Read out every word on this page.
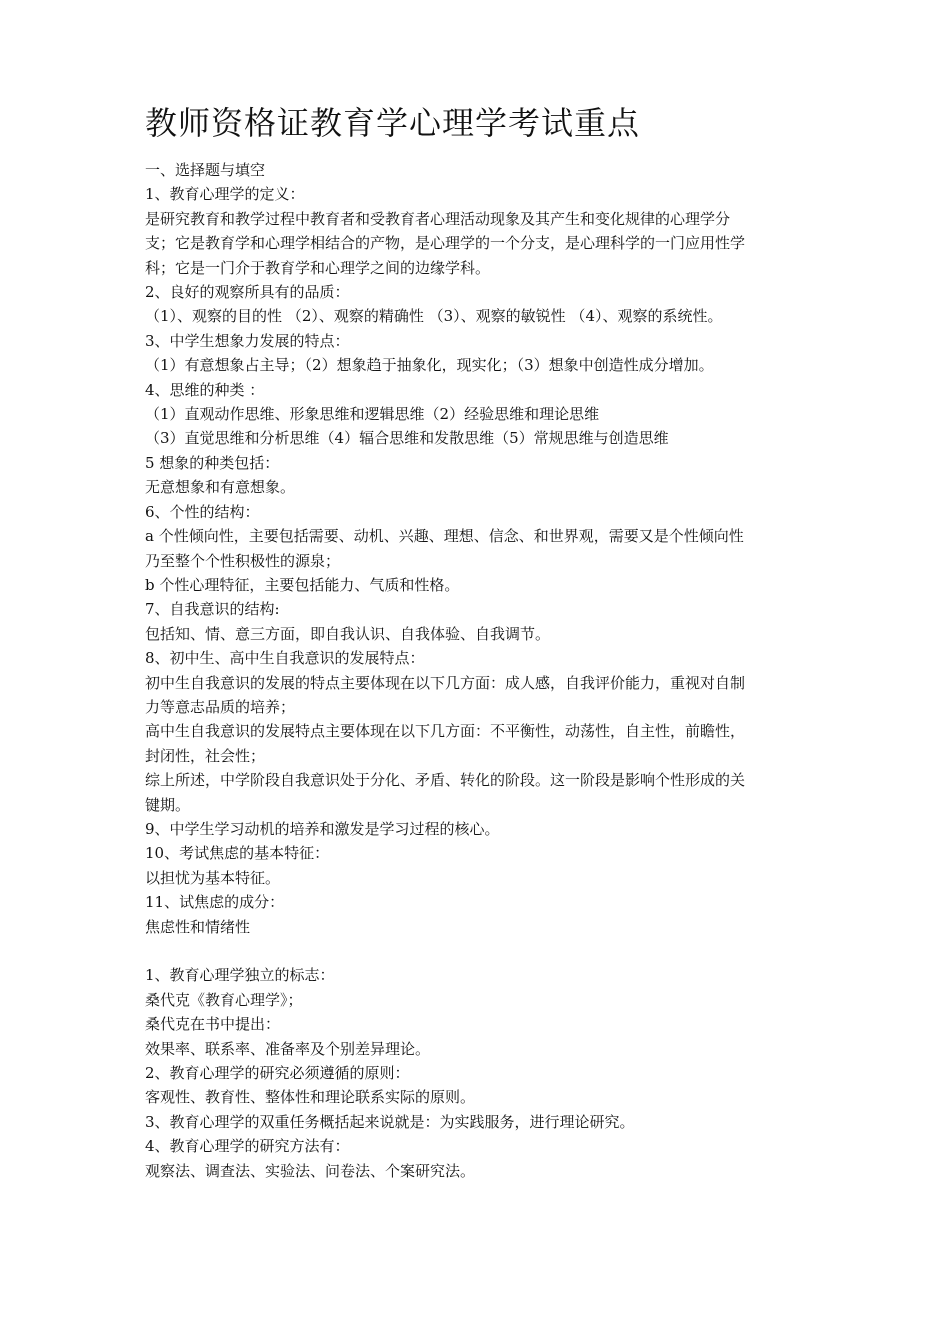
教师资格证教育学心理学考试重点
一、选择题与填空
1、教育心理学的定义：
是研究教育和教学过程中教育者和受教育者心理活动现象及其产生和变化规律的心理学分
支；它是教育学和心理学相结合的产物，是心理学的一个分支，是心理科学的一门应用性学
科；它是一门介于教育学和心理学之间的边缘学科。
2、良好的观察所具有的品质：
（1）、观察的目的性 （2）、观察的精确性 （3）、观察的敏锐性 （4）、观察的系统性。
3、中学生想象力发展的特点：
（1）有意想象占主导；（2）想象趋于抽象化，现实化；（3）想象中创造性成分增加。
4、思维的种类 ：
（1）直观动作思维、形象思维和逻辑思维（2）经验思维和理论思维
（3）直觉思维和分析思维（4）辐合思维和发散思维（5）常规思维与创造思维
5 想象的种类包括：
无意想象和有意想象。
6、个性的结构：
a 个性倾向性，主要包括需要、动机、兴趣、理想、信念、和世界观，需要又是个性倾向性
乃至整个个性积极性的源泉；
b 个性心理特征，主要包括能力、气质和性格。
7、自我意识的结构:
包括知、情、意三方面，即自我认识、自我体验、自我调节。
8、初中生、高中生自我意识的发展特点：
初中生自我意识的发展的特点主要体现在以下几方面：成人感，自我评价能力，重视对自制
力等意志品质的培养；
高中生自我意识的发展特点主要体现在以下几方面：不平衡性，动荡性，自主性，前瞻性，
封闭性，社会性；
综上所述，中学阶段自我意识处于分化、矛盾、转化的阶段。这一阶段是影响个性形成的关
键期。
9、中学生学习动机的培养和激发是学习过程的核心。
10、考试焦虑的基本特征：
以担忧为基本特征。
11、试焦虑的成分：
焦虑性和情绪性
1、教育心理学独立的标志：
桑代克《教育心理学》；
桑代克在书中提出：
效果率、联系率、准备率及个别差异理论。
2、教育心理学的研究必须遵循的原则：
客观性、教育性、整体性和理论联系实际的原则。
3、教育心理学的双重任务概括起来说就是：为实践服务，进行理论研究。
4、教育心理学的研究方法有：
观察法、调查法、实验法、问卷法、个案研究法。
